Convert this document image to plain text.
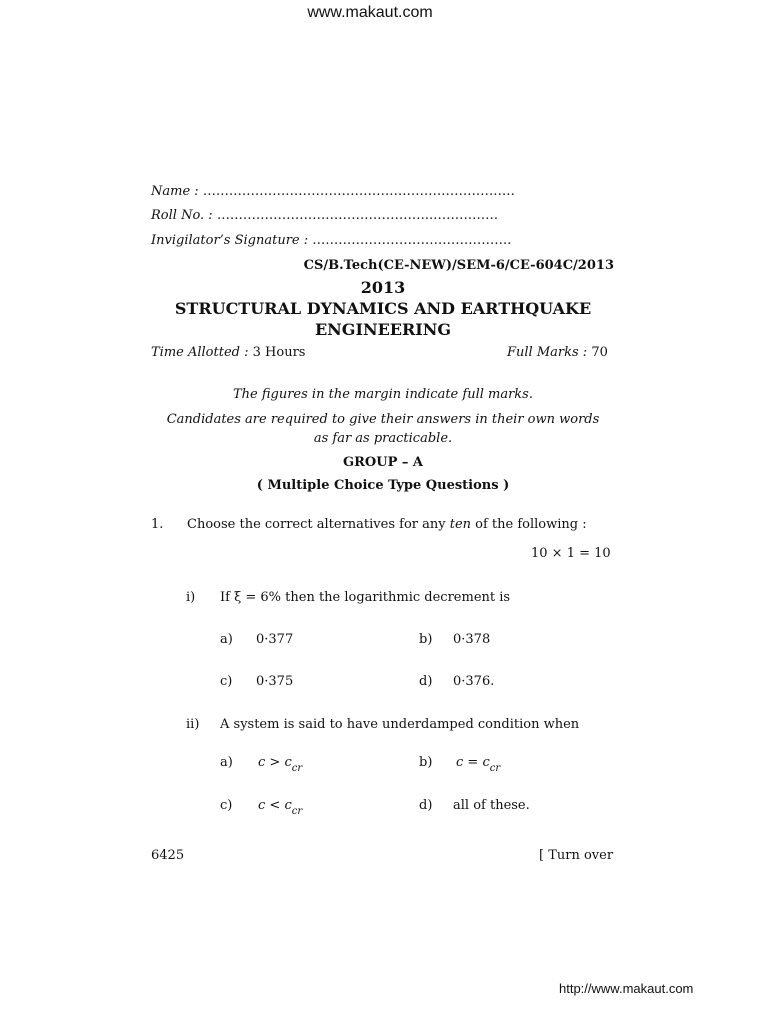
www.makaut.com
Name : ………………………………………………………………
Roll No. : …………………………………………..……………
Invigilator’s Signature : ……………………………………….
CS/B.Tech(CE-NEW)/SEM-6/CE-604C/2013
2013
STRUCTURAL DYNAMICS AND EARTHQUAKE
ENGINEERING
Time Allotted : 3 Hours	Full Marks : 70
The figures in the margin indicate full marks.
Candidates are required to give their answers in their own words
as far as practicable.
GROUP – A
( Multiple Choice Type Questions )
1. Choose the correct alternatives for any ten of the following :
10 × 1 = 10
i) If ξ = 6% then the logarithmic decrement is
a) 0·377	b) 0·378
c) 0·375	d) 0·376.
ii) A system is said to have underdamped condition when
a) $c > c_{cr}$	b) $c = c_{cr}$
c) $c < c_{cr}$	d) all of these.
6425	[ Turn over
http://www.makaut.com
